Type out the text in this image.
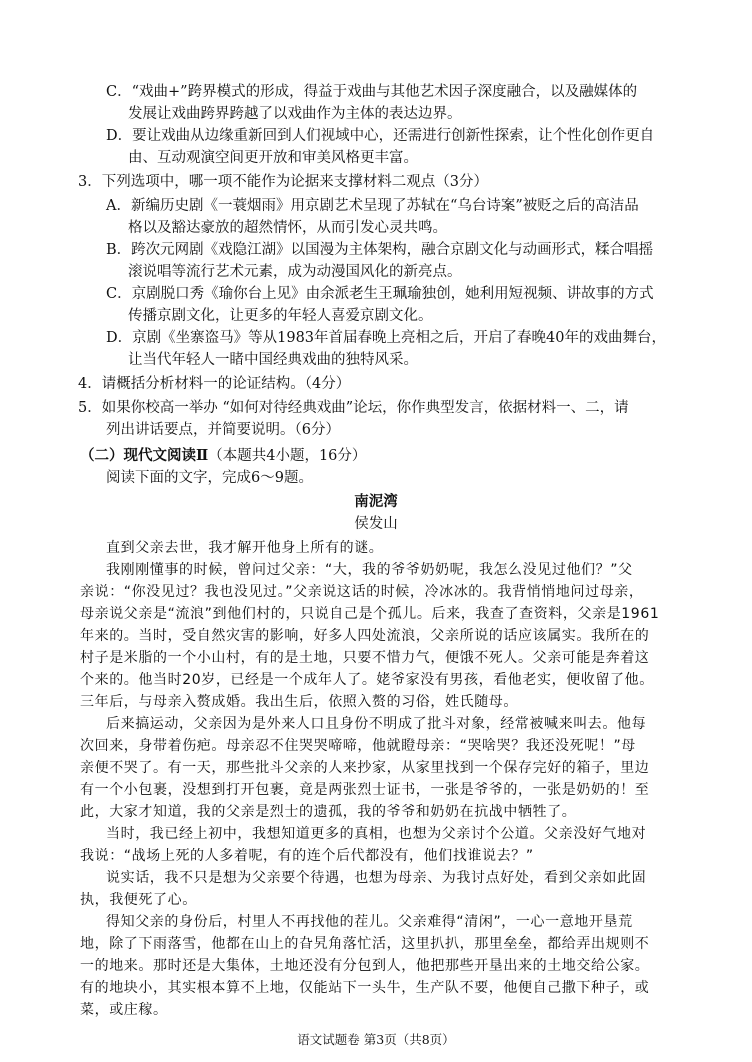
C．“戏曲+”跨界模式的形成，得益于戏曲与其他艺术因子深度融合，以及融媒体的
发展让戏曲跨界跨越了以戏曲作为主体的表达边界。
D．要让戏曲从边缘重新回到人们视域中心，还需进行创新性探索，让个性化创作更自
由、互动观演空间更开放和审美风格更丰富。
3．下列选项中，哪一项不能作为论据来支撑材料二观点（3分）
A．新编历史剧《一蓑烟雨》用京剧艺术呈现了苏轼在“乌台诗案”被贬之后的高洁品
格以及豁达豪放的超然情怀，从而引发心灵共鸣。
B．跨次元网剧《戏隐江湖》以国漫为主体架构，融合京剧文化与动画形式，糅合唱摇
滚说唱等流行艺术元素，成为动漫国风化的新亮点。
C．京剧脱口秀《瑜你台上见》由余派老生王珮瑜独创，她利用短视频、讲故事的方式
传播京剧文化，让更多的年轻人喜爱京剧文化。
D．京剧《坐寨盗马》等从1983年首届春晚上亮相之后，开启了春晚40年的戏曲舞台，
让当代年轻人一睹中国经典戏曲的独特风采。
4．请概括分析材料一的论证结构。（4分）
5．如果你校高一举办 “如何对待经典戏曲”论坛，你作典型发言，依据材料一、二，请
列出讲话要点，并简要说明。（6分）
（二）现代文阅读Ⅱ（本题共4小题，16分）
阅读下面的文字，完成6～9题。
南泥湾
侯发山
直到父亲去世，我才解开他身上所有的谜。
我刚刚懂事的时候，曾问过父亲：“大，我的爷爷奶奶呢，我怎么没见过他们？”父
亲说：“你没见过？我也没见过。”父亲说这话的时候，冷冰冰的。我背悄悄地问过母亲，
母亲说父亲是“流浪”到他们村的，只说自己是个孤儿。后来，我查了查资料，父亲是1961
年来的。当时，受自然灾害的影响，好多人四处流浪，父亲所说的话应该属实。我所在的
村子是米脂的一个小山村，有的是土地，只要不惜力气，便饿不死人。父亲可能是奔着这
个来的。他当时20岁，已经是一个成年人了。姥爷家没有男孩，看他老实，便收留了他。
三年后，与母亲入赘成婚。我出生后，依照入赘的习俗，姓氏随母。
后来搞运动，父亲因为是外来人口且身份不明成了批斗对象，经常被喊来叫去。他每
次回来，身带着伤疤。母亲忍不住哭哭啼啼，他就瞪母亲：“哭啥哭？我还没死呢！”母
亲便不哭了。有一天，那些批斗父亲的人来抄家，从家里找到一个保存完好的箱子，里边
有一个小包裹，没想到打开包裹，竟是两张烈士证书，一张是爷爷的，一张是奶奶的！至
此，大家才知道，我的父亲是烈士的遗孤，我的爷爷和奶奶在抗战中牺牲了。
当时，我已经上初中，我想知道更多的真相，也想为父亲讨个公道。父亲没好气地对
我说：“战场上死的人多着呢，有的连个后代都没有，他们找谁说去？”
说实话，我不只是想为父亲要个待遇，也想为母亲、为我讨点好处，看到父亲如此固
执，我便死了心。
得知父亲的身份后，村里人不再找他的茬儿。父亲难得“清闲”，一心一意地开垦荒
地，除了下雨落雪，他都在山上的旮旯角落忙活，这里扒扒，那里垒垒，都给弄出规则不
一的地来。那时还是大集体，土地还没有分包到人，他把那些开垦出来的土地交给公家。
有的地块小，其实根本算不上地，仅能站下一头牛，生产队不要，他便自己撒下种子，或
菜，或庄稼。
语文试题卷 第3页（共8页）
